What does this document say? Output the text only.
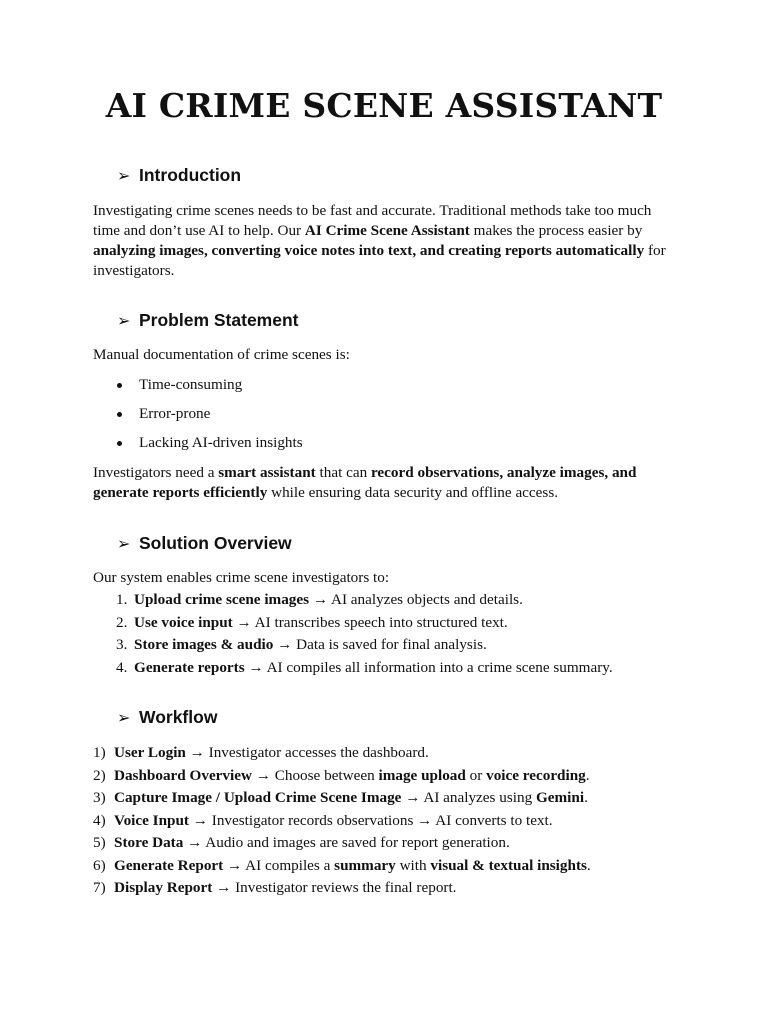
AI CRIME SCENE ASSISTANT
➢ Introduction

Investigating crime scenes needs to be fast and accurate. Traditional methods take too much time and don’t use AI to help. Our AI Crime Scene Assistant makes the process easier by analyzing images, converting voice notes into text, and creating reports automatically for investigators.

➢ Problem Statement

Manual documentation of crime scenes is:

Time-consuming
Error-prone
Lacking AI-driven insights

Investigators need a smart assistant that can record observations, analyze images, and generate reports efficiently while ensuring data security and offline access.

➢ Solution Overview

Our system enables crime scene investigators to:

1. Upload crime scene images → AI analyzes objects and details.
2. Use voice input → AI transcribes speech into structured text.
3. Store images & audio → Data is saved for final analysis.
4. Generate reports → AI compiles all information into a crime scene summary.
➢ Workflow
1) User Login → Investigator accesses the dashboard.
2) Dashboard Overview → Choose between image upload or voice recording.
3) Capture Image / Upload Crime Scene Image → AI analyzes using Gemini.
4) Voice Input → Investigator records observations → AI converts to text.
5) Store Data → Audio and images are saved for report generation.
6) Generate Report → AI compiles a summary with visual & textual insights.
7) Display Report → Investigator reviews the final report.
